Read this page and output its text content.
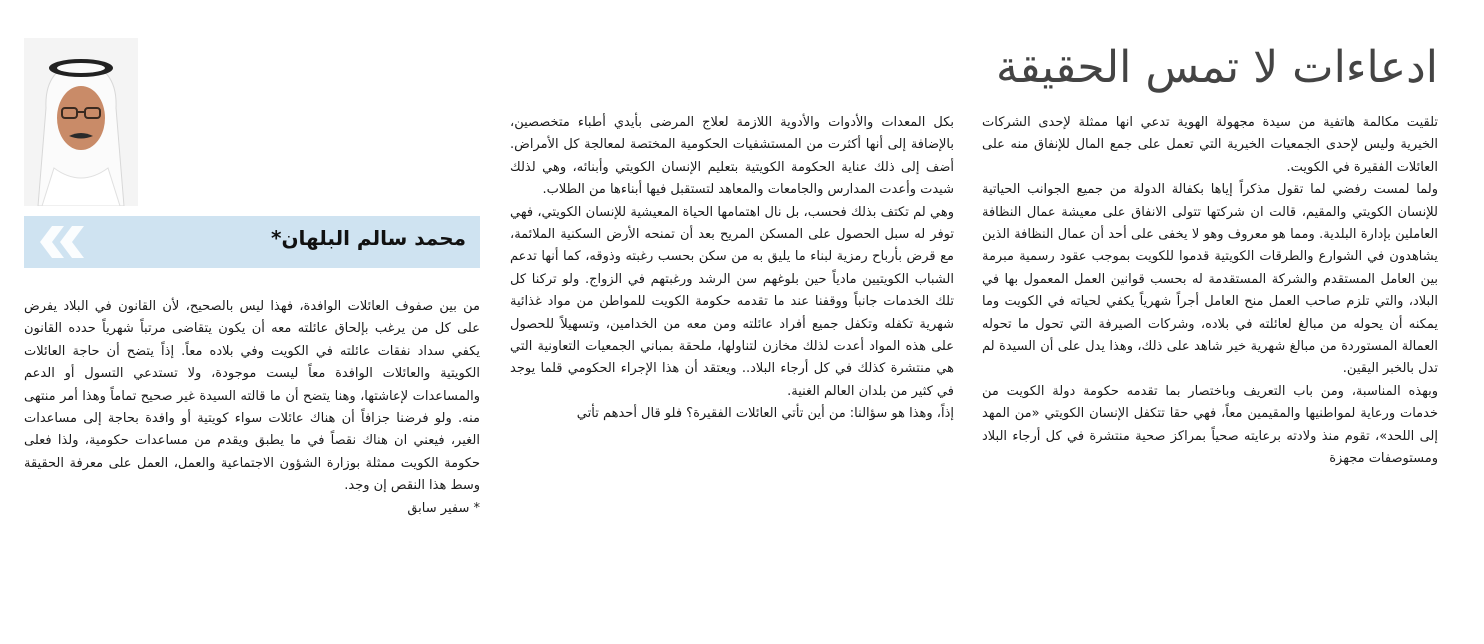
ادعاءات لا تمس الحقيقة

تلقيت مكالمة هاتفية من سيدة مجهولة الهوية تدعي انها ممثلة لإحدى الشركات الخيرية وليس لإحدى الجمعيات الخيرية التي تعمل على جمع المال للإنفاق منه على العائلات الفقيرة في الكويت.

ولما لمست رفضي لما تقول مذكراً إياها بكفالة الدولة من جميع الجوانب الحياتية للإنسان الكويتي والمقيم، قالت ان شركتها تتولى الانفاق على معيشة عمال النظافة العاملين بإدارة البلدية. ومما هو معروف وهو لا يخفى على أحد أن عمال النظافة الذين يشاهدون في الشوارع والطرقات الكويتية قدموا للكويت بموجب عقود رسمية مبرمة بين العامل المستقدم والشركة المستقدمة له بحسب قوانين العمل المعمول بها في البلاد، والتي تلزم صاحب العمل منح العامل أجراً شهرياً يكفي لحياته في الكويت وما يمكنه أن يحوله من مبالغ لعائلته في بلاده، وشركات الصيرفة التي تحول ما تحوله العمالة المستوردة من مبالغ شهرية خير شاهد على ذلك، وهذا يدل على أن السيدة لم تدل بالخبر اليقين.

وبهذه المناسبة، ومن باب التعريف وباختصار بما تقدمه حكومة دولة الكويت من خدمات ورعاية لمواطنيها والمقيمين معاً، فهي حقا تتكفل الإنسان الكويتي «من المهد إلى اللحد»، تقوم منذ ولادته برعايته صحياً بمراكز صحية منتشرة في كل أرجاء البلاد ومستوصفات مجهزة

بكل المعدات والأدوات والأدوية اللازمة لعلاج المرضى بأيدي أطباء متخصصين، بالإضافة إلى أنها أكثرت من المستشفيات الحكومية المختصة لمعالجة كل الأمراض. أضف إلى ذلك عناية الحكومة الكويتية بتعليم الإنسان الكويتي وأبنائه، وهي لذلك شيدت وأعدت المدارس والجامعات والمعاهد لتستقبل فيها أبناءها من الطلاب.

وهي لم تكتف بذلك فحسب، بل نال اهتمامها الحياة المعيشية للإنسان الكويتي، فهي توفر له سبل الحصول على المسكن المريح بعد أن تمنحه الأرض السكنية الملائمة، مع قرض بأرباح رمزية لبناء ما يليق به من سكن بحسب رغبته وذوقه، كما أنها تدعم الشباب الكويتيين مادياً حين بلوغهم سن الرشد ورغبتهم في الزواج. ولو تركنا كل تلك الخدمات جانباً ووقفنا عند ما تقدمه حكومة الكويت للمواطن من مواد غذائية شهرية تكفله وتكفل جميع أفراد عائلته ومن معه من الخدامين، وتسهيلاً للحصول على هذه المواد أعدت لذلك مخازن لتناولها، ملحقة بمباني الجمعيات التعاونية التي هي منتشرة كذلك في كل أرجاء البلاد.. ويعتقد أن هذا الإجراء الحكومي قلما يوجد في كثير من بلدان العالم الغنية.

إذاً، وهذا هو سؤالنا: من أين تأتي العائلات الفقيرة؟ فلو قال أحدهم تأتي

محمد سالم البلهان*

من بين صفوف العائلات الوافدة، فهذا ليس بالصحيح، لأن القانون في البلاد يفرض على كل من يرغب بإلحاق عائلته معه أن يكون يتقاضى مرتباً شهرياً حدده القانون يكفي سداد نفقات عائلته في الكويت وفي بلاده معاً. إذاً يتضح أن حاجة العائلات الكويتية والعائلات الوافدة معاً ليست موجودة، ولا تستدعي التسول أو الدعم والمساعدات لإعاشتها، وهنا يتضح أن ما قالته السيدة غير صحيح تماماً وهذا أمر منتهى منه. ولو فرضنا جزافاً أن هناك عائلات سواء كويتية أو وافدة بحاجة إلى مساعدات الغير، فيعني ان هناك نقصاً في ما يطبق ويقدم من مساعدات حكومية، ولذا فعلى حكومة الكويت ممثلة بوزارة الشؤون الاجتماعية والعمل، العمل على معرفة الحقيقة وسط هذا النقص إن وجد.

* سفير سابق
